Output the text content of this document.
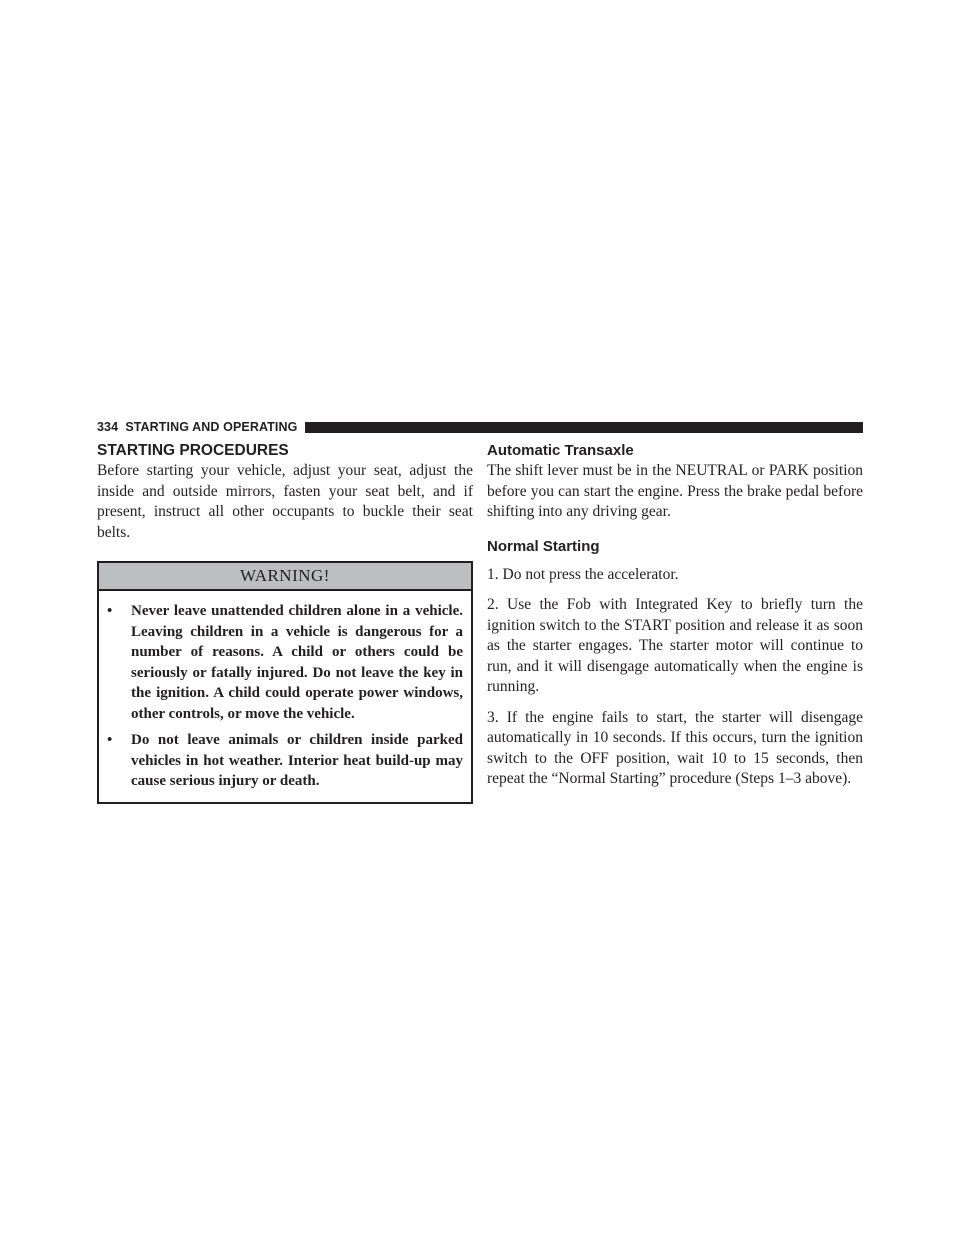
334 STARTING AND OPERATING
STARTING PROCEDURES

Before starting your vehicle, adjust your seat, adjust the inside and outside mirrors, fasten your seat belt, and if present, instruct all other occupants to buckle their seat belts.

WARNING!
•	Never leave unattended children alone in a vehicle. Leaving children in a vehicle is dangerous for a number of reasons. A child or others could be seriously or fatally injured. Do not leave the key in the ignition. A child could operate power windows, other controls, or move the vehicle.
•	Do not leave animals or children inside parked vehicles in hot weather. Interior heat build-up may cause serious injury or death.
Automatic Transaxle

The shift lever must be in the NEUTRAL or PARK position before you can start the engine. Press the brake pedal before shifting into any driving gear.

Normal Starting

1. Do not press the accelerator.

2. Use the Fob with Integrated Key to briefly turn the ignition switch to the START position and release it as soon as the starter engages. The starter motor will continue to run, and it will disengage automatically when the engine is running.

3. If the engine fails to start, the starter will disengage automatically in 10 seconds. If this occurs, turn the ignition switch to the OFF position, wait 10 to 15 seconds, then repeat the “Normal Starting” procedure (Steps 1–3 above).
